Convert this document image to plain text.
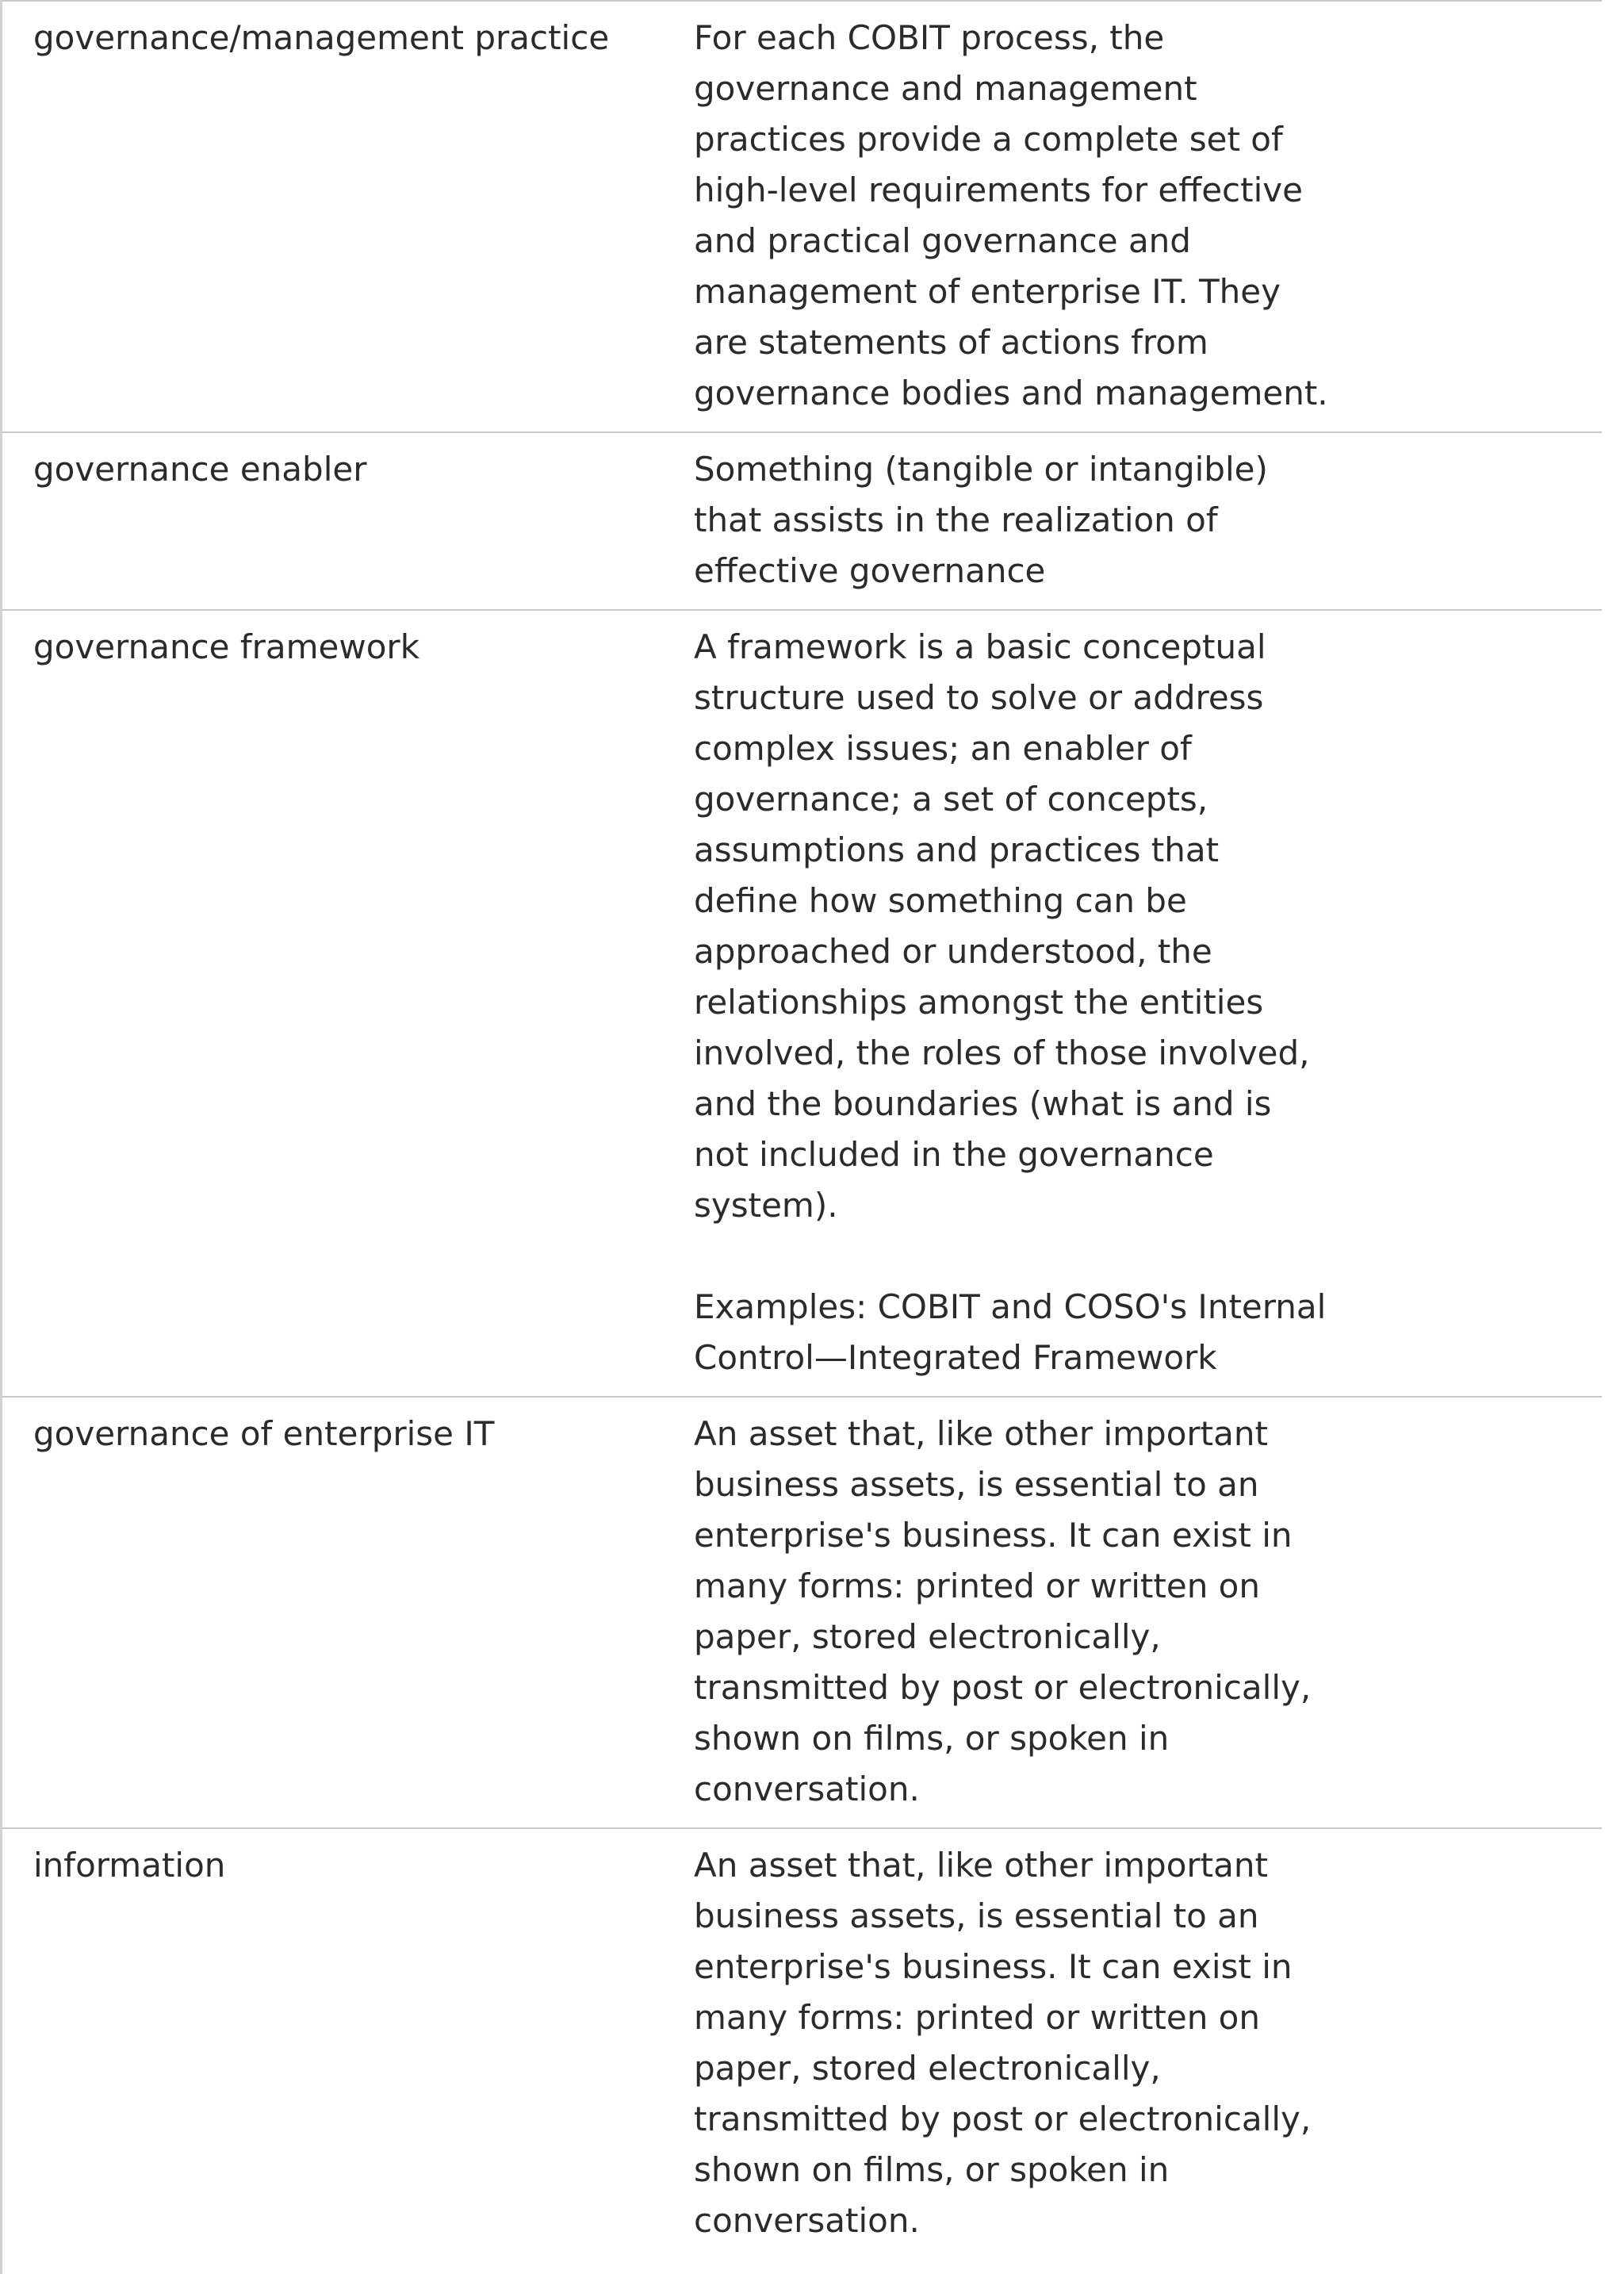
governance/management practice	For each COBIT process, the governance and management practices provide a complete set of high-level requirements for effective and practical governance and management of enterprise IT. They are statements of actions from governance bodies and management.
governance enabler	Something (tangible or intangible) that assists in the realization of effective governance
governance framework	A framework is a basic conceptual structure used to solve or address complex issues; an enabler of governance; a set of concepts, assumptions and practices that define how something can be approached or understood, the relationships amongst the entities involved, the roles of those involved, and the boundaries (what is and is not included in the governance system).
Examples: COBIT and COSO's Internal Control—Integrated Framework
governance of enterprise IT	An asset that, like other important business assets, is essential to an enterprise's business. It can exist in many forms: printed or written on paper, stored electronically, transmitted by post or electronically, shown on films, or spoken in conversation.
information	An asset that, like other important business assets, is essential to an enterprise's business. It can exist in many forms: printed or written on paper, stored electronically, transmitted by post or electronically, shown on films, or spoken in conversation.
